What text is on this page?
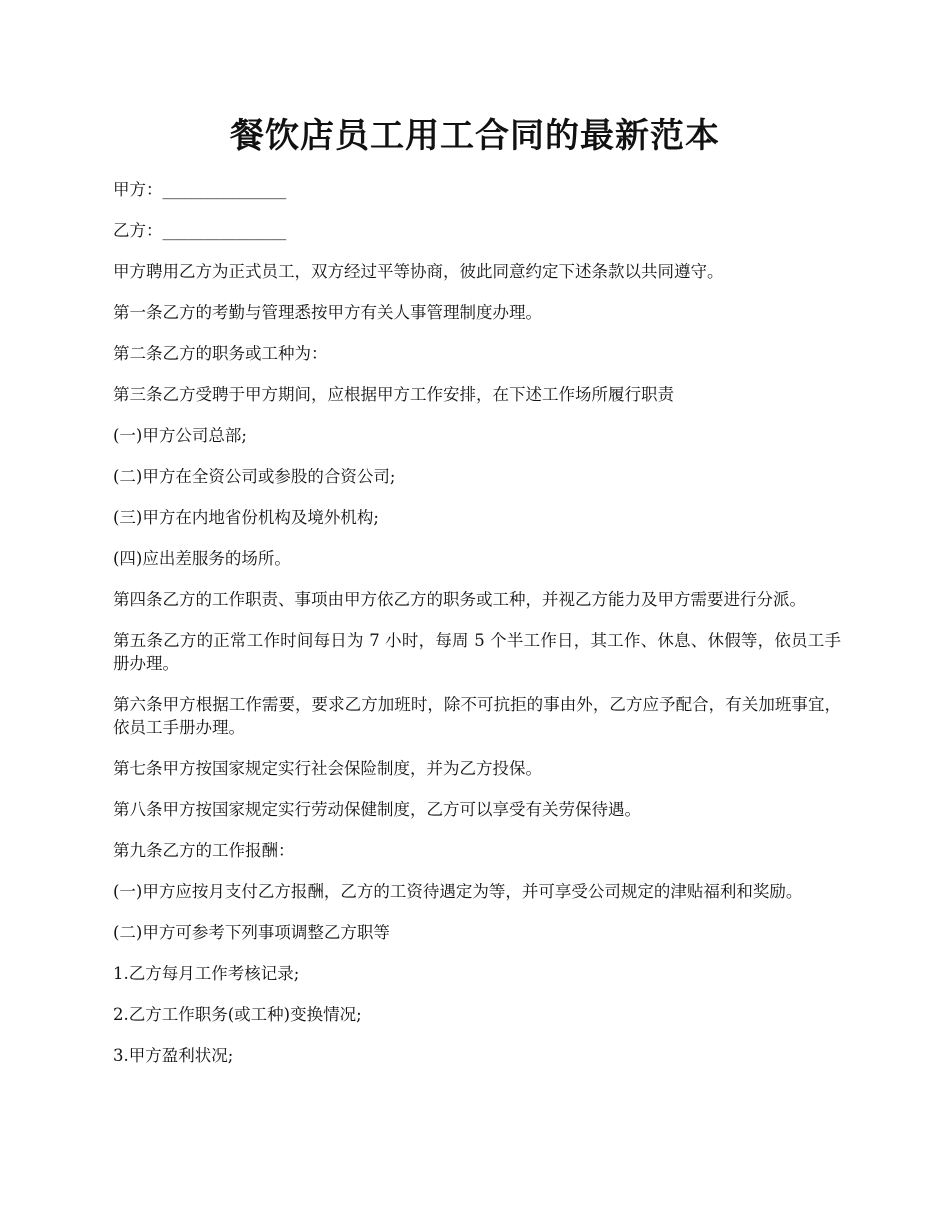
餐饮店员工用工合同的最新范本

甲方：_______________

乙方：_______________

甲方聘用乙方为正式员工，双方经过平等协商，彼此同意约定下述条款以共同遵守。

第一条乙方的考勤与管理悉按甲方有关人事管理制度办理。

第二条乙方的职务或工种为：

第三条乙方受聘于甲方期间，应根据甲方工作安排，在下述工作场所履行职责

(一)甲方公司总部;

(二)甲方在全资公司或参股的合资公司;

(三)甲方在内地省份机构及境外机构;

(四)应出差服务的场所。

第四条乙方的工作职责、事项由甲方依乙方的职务或工种，并视乙方能力及甲方需要进行分派。

第五条乙方的正常工作时间每日为 7 小时，每周 5 个半工作日，其工作、休息、休假等，依员工手册办理。

第六条甲方根据工作需要，要求乙方加班时，除不可抗拒的事由外，乙方应予配合，有关加班事宜，依员工手册办理。

第七条甲方按国家规定实行社会保险制度，并为乙方投保。

第八条甲方按国家规定实行劳动保健制度，乙方可以享受有关劳保待遇。

第九条乙方的工作报酬：

(一)甲方应按月支付乙方报酬，乙方的工资待遇定为等，并可享受公司规定的津贴福利和奖励。

(二)甲方可参考下列事项调整乙方职等

1.乙方每月工作考核记录;

2.乙方工作职务(或工种)变换情况;

3.甲方盈利状况;
